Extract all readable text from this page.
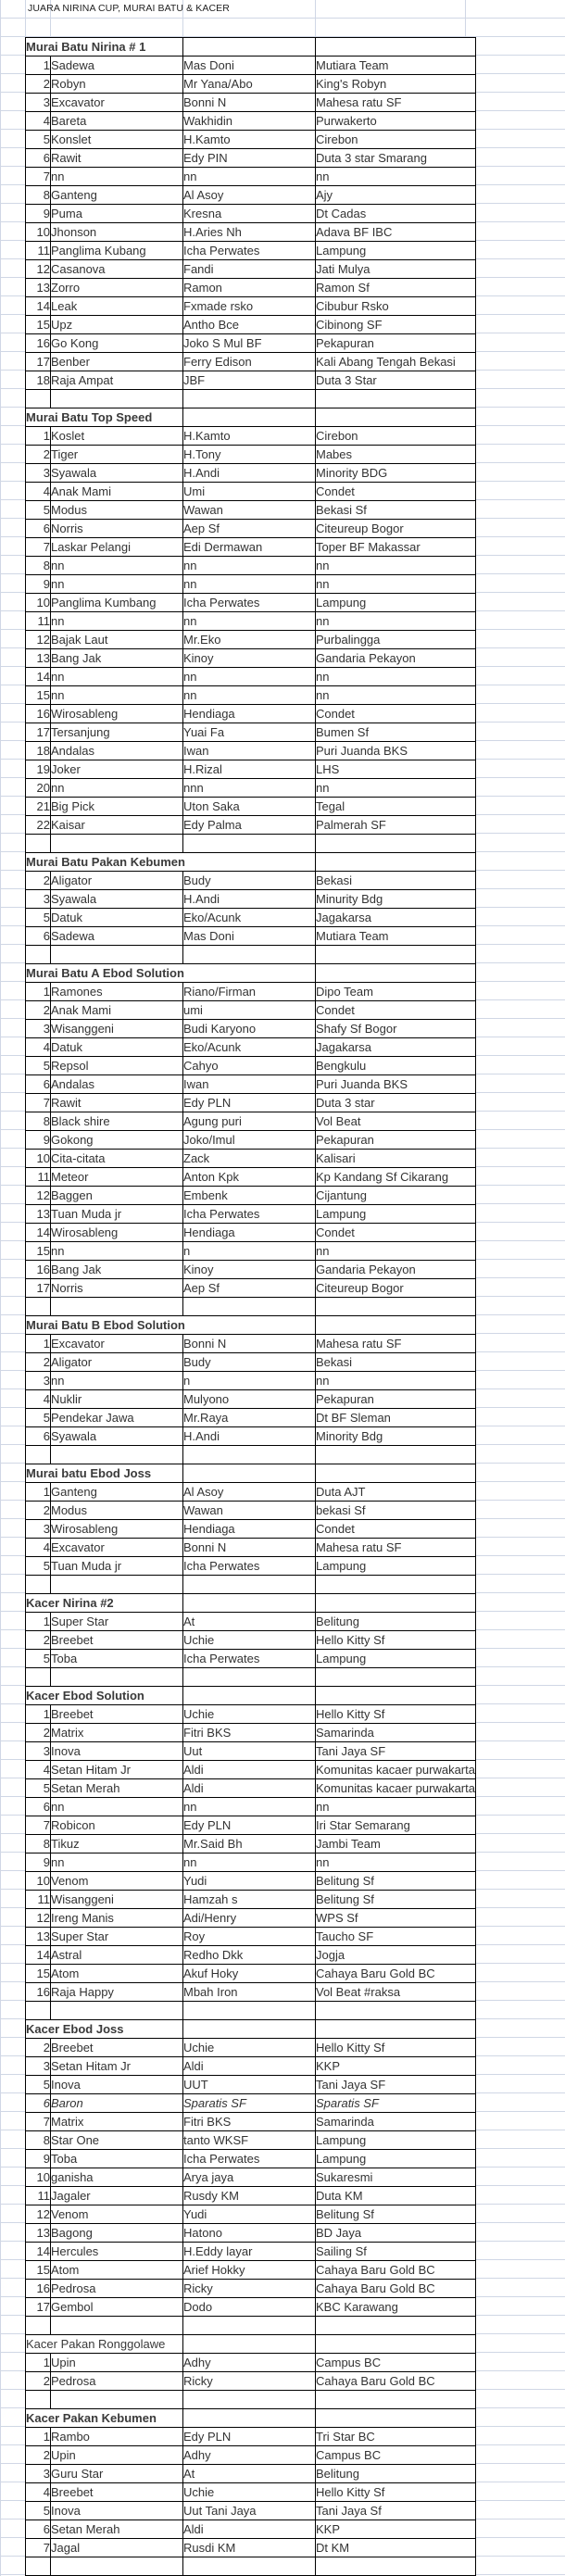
JUARA NIRINA CUP, MURAI BATU & KACER
Murai Batu Nirina # 1			
1	Sadewa	Mas Doni	Mutiara Team
2	Robyn	Mr Yana/Abo	King's Robyn
3	Excavator	Bonni N	Mahesa ratu SF
4	Bareta	Wakhidin	Purwakerto
5	Konslet	H.Kamto	Cirebon
6	Rawit	Edy PIN	Duta 3 star Smarang
7	nn	nn	nn
8	Ganteng	Al Asoy	Ajy
9	Puma	Kresna	Dt Cadas
10	Jhonson	H.Aries Nh	Adava BF IBC
11	Panglima Kubang	Icha Perwates	Lampung
12	Casanova	Fandi	Jati Mulya
13	Zorro	Ramon	Ramon Sf
14	Leak	Fxmade rsko	Cibubur Rsko
15	Upz	Antho Bce	Cibinong SF
16	Go Kong	Joko S Mul BF	Pekapuran
17	Benber	Ferry Edison	Kali Abang Tengah Bekasi
18	Raja Ampat	JBF	Duta 3 Star

Murai Batu Top Speed			
1	Koslet	H.Kamto	Cirebon
2	Tiger	H.Tony	Mabes
3	Syawala	H.Andi	Minority BDG
4	Anak Mami	Umi	Condet
5	Modus	Wawan	Bekasi Sf
6	Norris	Aep Sf	Citeureup Bogor
7	Laskar Pelangi	Edi Dermawan	Toper BF Makassar
8	nn	nn	nn
9	nn	nn	nn
10	Panglima Kumbang	Icha Perwates	Lampung
11	nn	nn	nn
12	Bajak Laut	Mr.Eko	Purbalingga
13	Bang Jak	Kinoy	Gandaria Pekayon
14	nn	nn	nn
15	nn	nn	nn
16	Wirosableng	Hendiaga	Condet
17	Tersanjung	Yuai Fa	Bumen Sf
18	Andalas	Iwan	Puri Juanda BKS
19	Joker	H.Rizal	LHS
20	nn	nnn	nn
21	Big Pick	Uton Saka	Tegal
22	Kaisar	Edy Palma	Palmerah SF

Murai Batu Pakan Kebumen			
2	Aligator	Budy	Bekasi
3	Syawala	H.Andi	Minurity Bdg
5	Datuk	Eko/Acunk	Jagakarsa
6	Sadewa	Mas Doni	Mutiara Team

Murai Batu A Ebod Solution			
1	Ramones	Riano/Firman	Dipo Team
2	Anak Mami	umi	Condet
3	Wisanggeni	Budi Karyono	Shafy Sf Bogor
4	Datuk	Eko/Acunk	Jagakarsa
5	Repsol	Cahyo	Bengkulu
6	Andalas	Iwan	Puri Juanda BKS
7	Rawit	Edy PLN	Duta 3 star
8	Black shire	Agung puri	Vol Beat
9	Gokong	Joko/Imul	Pekapuran
10	Cita-citata	Zack	Kalisari
11	Meteor	Anton Kpk	Kp Kandang Sf Cikarang
12	Baggen	Embenk	Cijantung
13	Tuan Muda jr	Icha Perwates	Lampung
14	Wirosableng	Hendiaga	Condet
15	nn	n	nn
16	Bang Jak	Kinoy	Gandaria Pekayon
17	Norris	Aep Sf	Citeureup Bogor

Murai Batu B Ebod Solution			
1	Excavator	Bonni N	Mahesa ratu SF
2	Aligator	Budy	Bekasi
3	nn	n	nn
4	Nuklir	Mulyono	Pekapuran
5	Pendekar Jawa	Mr.Raya	Dt BF Sleman
6	Syawala	H.Andi	Minority Bdg

Murai batu Ebod Joss			
1	Ganteng	Al Asoy	Duta AJT
2	Modus	Wawan	bekasi Sf
3	Wirosableng	Hendiaga	Condet
4	Excavator	Bonni N	Mahesa ratu SF
5	Tuan Muda jr	Icha Perwates	Lampung

Kacer Nirina #2			
1	Super Star	At	Belitung
2	Breebet	Uchie	Hello Kitty Sf
5	Toba	Icha Perwates	Lampung

Kacer Ebod Solution			
1	Breebet	Uchie	Hello Kitty Sf
2	Matrix	Fitri BKS	Samarinda
3	Inova	Uut	Tani Jaya SF
4	Setan Hitam Jr	Aldi	Komunitas kacaer purwakarta
5	Setan Merah	Aldi	Komunitas kacaer purwakarta
6	nn	nn	nn
7	Robicon	Edy PLN	Iri Star Semarang
8	Tikuz	Mr.Said Bh	Jambi Team
9	nn	nn	nn
10	Venom	Yudi	Belitung Sf
11	Wisanggeni	Hamzah s	Belitung Sf
12	Ireng Manis	Adi/Henry	WPS Sf
13	Super Star	Roy	Taucho SF
14	Astral	Redho Dkk	Jogja
15	Atom	Akuf Hoky	Cahaya Baru Gold BC
16	Raja Happy	Mbah Iron	Vol Beat #raksa

Kacer Ebod Joss			
2	Breebet	Uchie	Hello Kitty Sf
3	Setan Hitam Jr	Aldi	KKP
5	Inova	UUT	Tani Jaya SF
6	Baron	Sparatis SF	Sparatis SF
7	Matrix	Fitri BKS	Samarinda
8	Star One	tanto WKSF	Lampung
9	Toba	Icha Perwates	Lampung
10	ganisha	Arya jaya	Sukaresmi
11	Jagaler	Rusdy KM	Duta KM
12	Venom	Yudi	Belitung Sf
13	Bagong	Hatono	BD Jaya
14	Hercules	H.Eddy layar	Sailing Sf
15	Atom	Arief Hokky	Cahaya Baru Gold BC
16	Pedrosa	Ricky	Cahaya Baru Gold BC
17	Gembol	Dodo	KBC Karawang

Kacer Pakan Ronggolawe			
1	Upin	Adhy	Campus BC
2	Pedrosa	Ricky	Cahaya Baru Gold BC

Kacer Pakan Kebumen			
1	Rambo	Edy PLN	Tri Star BC
2	Upin	Adhy	Campus BC
3	Guru Star	At	Belitung
4	Breebet	Uchie	Hello Kitty Sf
5	Inova	Uut Tani Jaya	Tani Jaya Sf
6	Setan Merah	Aldi	KKP
7	Jagal	Rusdi KM	Dt KM
